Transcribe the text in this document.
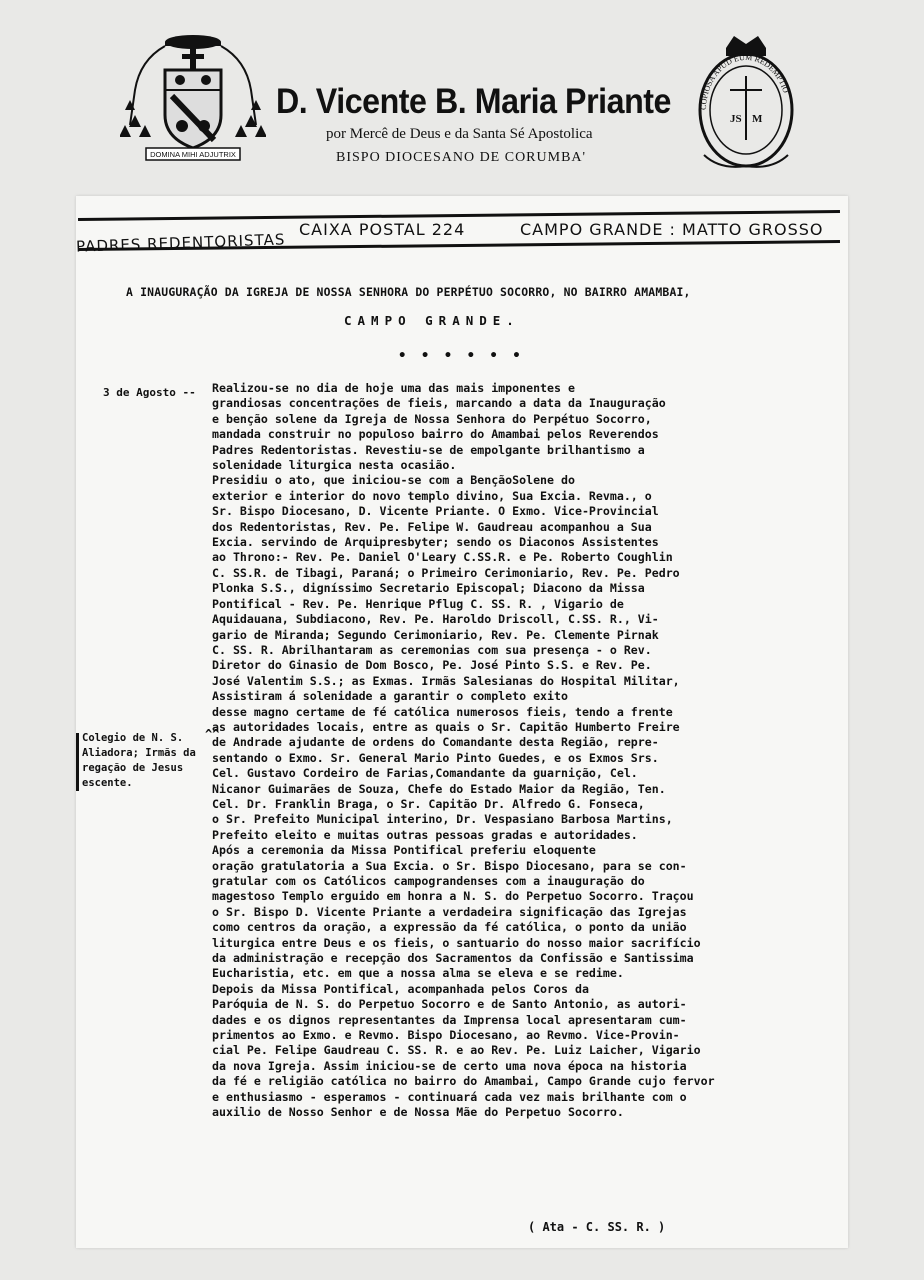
DOMINA MIHI ADJUTRIX
D. Vicente B. Maria Priante
por Mercê de Deus e da Santa Sé Apostolica
BISPO DIOCESANO DE CORUMBA'
COPIOSA APUD EUM REDEMPTIO
JS M
PADRES REDENTORISTAS
CAIXA POSTAL 224	CAMPO GRANDE : MATTO GROSSO
A INAUGURAÇÃO DA IGREJA DE NOSSA SENHORA DO PERPÉTUO SOCORRO, NO BAIRRO AMAMBAI,
CAMPO GRANDE.
• • • • • •
3 de Agosto --
Colegio de N. S.
Aliadora; Irmãs da
regação de Jesus
escente.
^^
Realizou-se no dia de hoje uma das mais imponentes e
grandiosas concentrações de fieis, marcando a data da Inauguração
e benção solene da Igreja de Nossa Senhora do Perpétuo Socorro,
mandada construir no populoso bairro do Amambai pelos Reverendos
Padres Redentoristas. Revestiu-se de empolgante brilhantismo a
solenidade liturgica nesta ocasião.
Presidiu o ato, que iniciou-se com a BençãoSolene do
exterior e interior do novo templo divino, Sua Excia. Revma., o
Sr. Bispo Diocesano, D. Vicente Priante. O Exmo. Vice-Provincial
dos Redentoristas, Rev. Pe. Felipe W. Gaudreau acompanhou a Sua
Excia. servindo de Arquipresbyter; sendo os Diaconos Assistentes
ao Throno:- Rev. Pe. Daniel O'Leary C.SS.R. e Pe. Roberto Coughlin
C. SS.R. de Tibagi, Paraná; o Primeiro Cerimoniario, Rev. Pe. Pedro
Plonka S.S., digníssimo Secretario Episcopal; Diacono da Missa
Pontifical - Rev. Pe. Henrique Pflug C. SS. R. , Vigario de
Aquidauana, Subdiacono, Rev. Pe. Haroldo Driscoll, C.SS. R., Vi-
gario de Miranda; Segundo Cerimoniario, Rev. Pe. Clemente Pirnak
C. SS. R. Abrilhantaram as ceremonias com sua presença - o Rev.
Diretor do Ginasio de Dom Bosco, Pe. José Pinto S.S. e Rev. Pe.
José Valentim S.S.; as Exmas. Irmãs Salesianas do Hospital Militar,
Assistiram á solenidade a garantir o completo exito
desse magno certame de fé católica numerosos fieis, tendo a frente
as autoridades locais, entre as quais o Sr. Capitão Humberto Freire
de Andrade ajudante de ordens do Comandante desta Região, repre-
sentando o Exmo. Sr. General Mario Pinto Guedes, e os Exmos Srs.
Cel. Gustavo Cordeiro de Farias,Comandante da guarnição, Cel.
Nicanor Guimarães de Souza, Chefe do Estado Maior da Região, Ten.
Cel. Dr. Franklin Braga, o Sr. Capitão Dr. Alfredo G. Fonseca,
o Sr. Prefeito Municipal interino, Dr. Vespasiano Barbosa Martins,
Prefeito eleito e muitas outras pessoas gradas e autoridades.
Após a ceremonia da Missa Pontifical preferiu eloquente
oração gratulatoria a Sua Excia. o Sr. Bispo Diocesano, para se con-
gratular com os Católicos campograndenses com a inauguração do
magestoso Templo erguido em honra a N. S. do Perpetuo Socorro. Traçou
o Sr. Bispo D. Vicente Priante a verdadeira significação das Igrejas
como centros da oração, a expressão da fé católica, o ponto da união
liturgica entre Deus e os fieis, o santuario do nosso maior sacrifício
da administração e recepção dos Sacramentos da Confissão e Santissima
Eucharistia, etc. em que a nossa alma se eleva e se redime.
Depois da Missa Pontifical, acompanhada pelos Coros da
Paróquia de N. S. do Perpetuo Socorro e de Santo Antonio, as autori-
dades e os dignos representantes da Imprensa local apresentaram cum-
primentos ao Exmo. e Revmo. Bispo Diocesano, ao Revmo. Vice-Provin-
cial Pe. Felipe Gaudreau C. SS. R. e ao Rev. Pe. Luiz Laicher, Vigario
da nova Igreja. Assim iniciou-se de certo uma nova época na historia
da fé e religião católica no bairro do Amambai, Campo Grande cujo fervor
e enthusiasmo - esperamos - continuará cada vez mais brilhante com o
auxilio de Nosso Senhor e de Nossa Mãe do Perpetuo Socorro.
( Ata - C. SS. R. )
